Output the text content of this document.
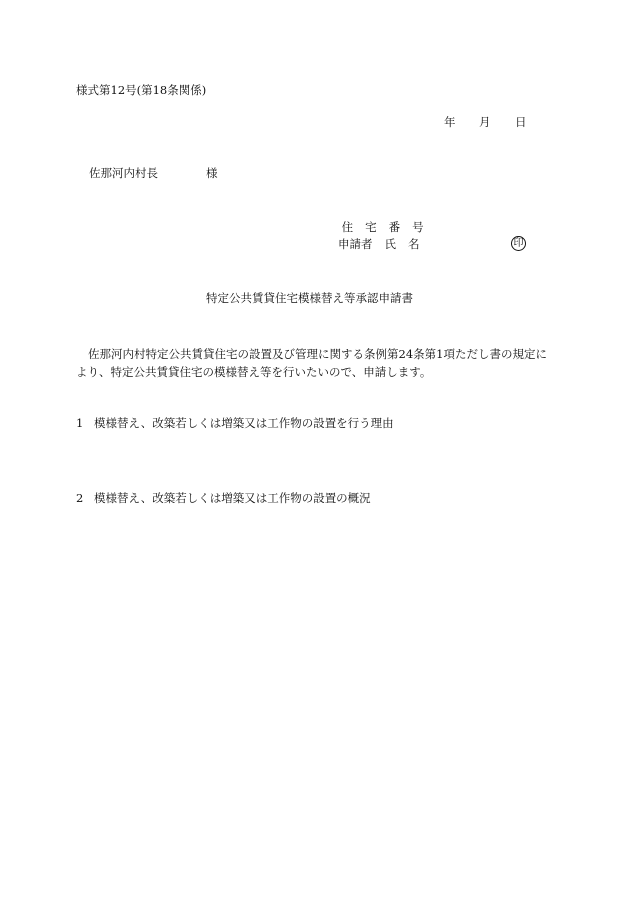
様式第12号(第18条関係)
年 月 日
佐那河内村長	様
住 宅 番 号
申請者 氏 名	印
特定公共賃貸住宅模様替え等承認申請書
佐那河内村特定公共賃貸住宅の設置及び管理に関する条例第24条第1項ただし書の規定により、特定公共賃貸住宅の模様替え等を行いたいので、申請します。
1 模様替え、改築若しくは増築又は工作物の設置を行う理由
2 模様替え、改築若しくは増築又は工作物の設置の概況
